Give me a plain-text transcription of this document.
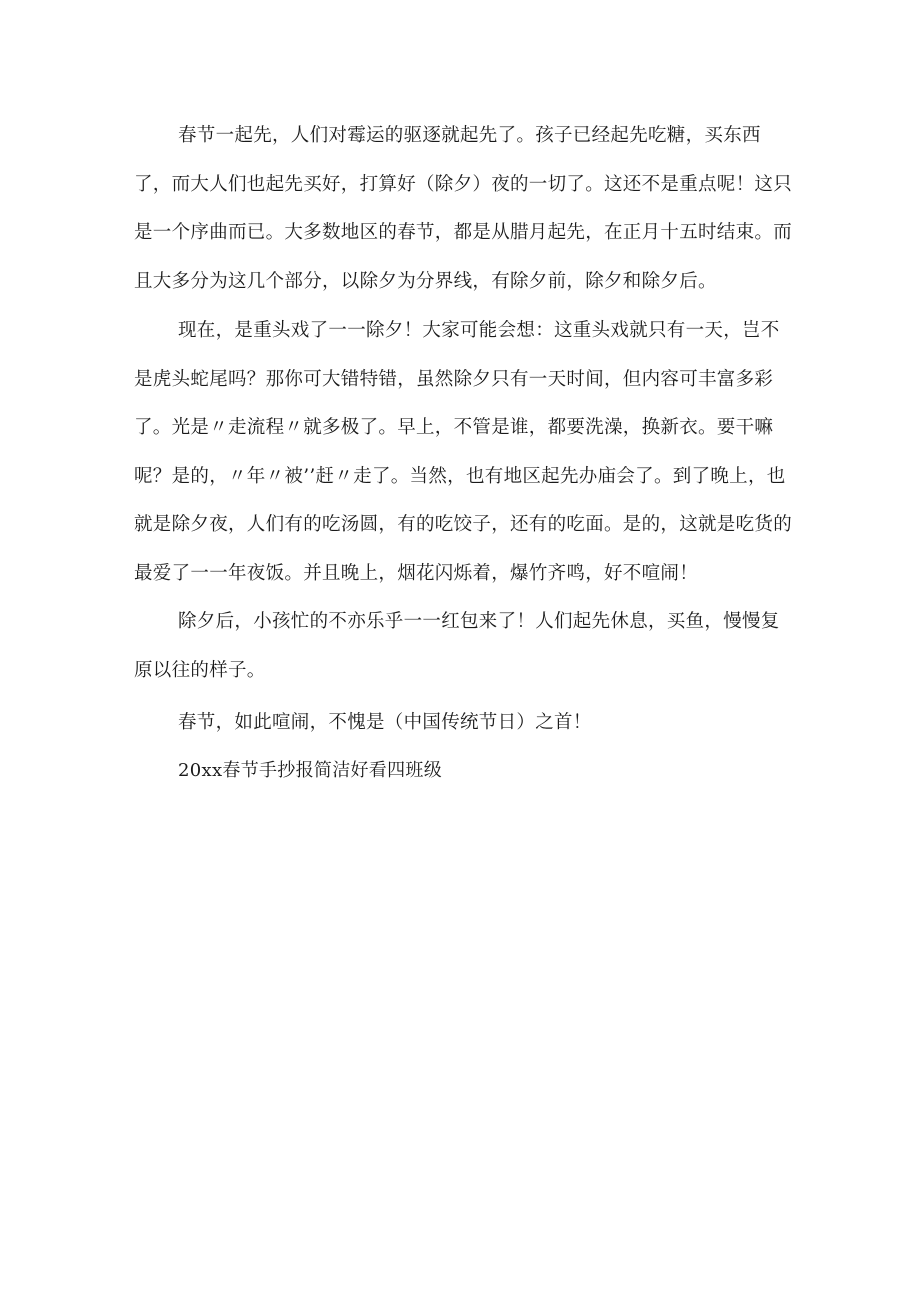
春节一起先，人们对霉运的驱逐就起先了。孩子已经起先吃糖，买东西了，而大人们也起先买好，打算好（除夕）夜的一切了。这还不是重点呢！这只是一个序曲而已。大多数地区的春节，都是从腊月起先，在正月十五时结束。而且大多分为这几个部分，以除夕为分界线，有除夕前，除夕和除夕后。

现在，是重头戏了一一除夕！大家可能会想：这重头戏就只有一天，岂不是虎头蛇尾吗？那你可大错特错，虽然除夕只有一天时间，但内容可丰富多彩了。光是〃走流程〃就多极了。早上，不管是谁，都要洗澡，换新衣。要干嘛呢？是的，〃年〃被’’赶〃走了。当然，也有地区起先办庙会了。到了晚上，也就是除夕夜，人们有的吃汤圆，有的吃饺子，还有的吃面。是的，这就是吃货的最爱了一一年夜饭。并且晚上，烟花闪烁着，爆竹齐鸣，好不喧闹！

除夕后，小孩忙的不亦乐乎一一红包来了！人们起先休息，买鱼，慢慢复原以往的样子。

春节，如此喧闹，不愧是（中国传统节日）之首！

20xx春节手抄报简洁好看四班级
